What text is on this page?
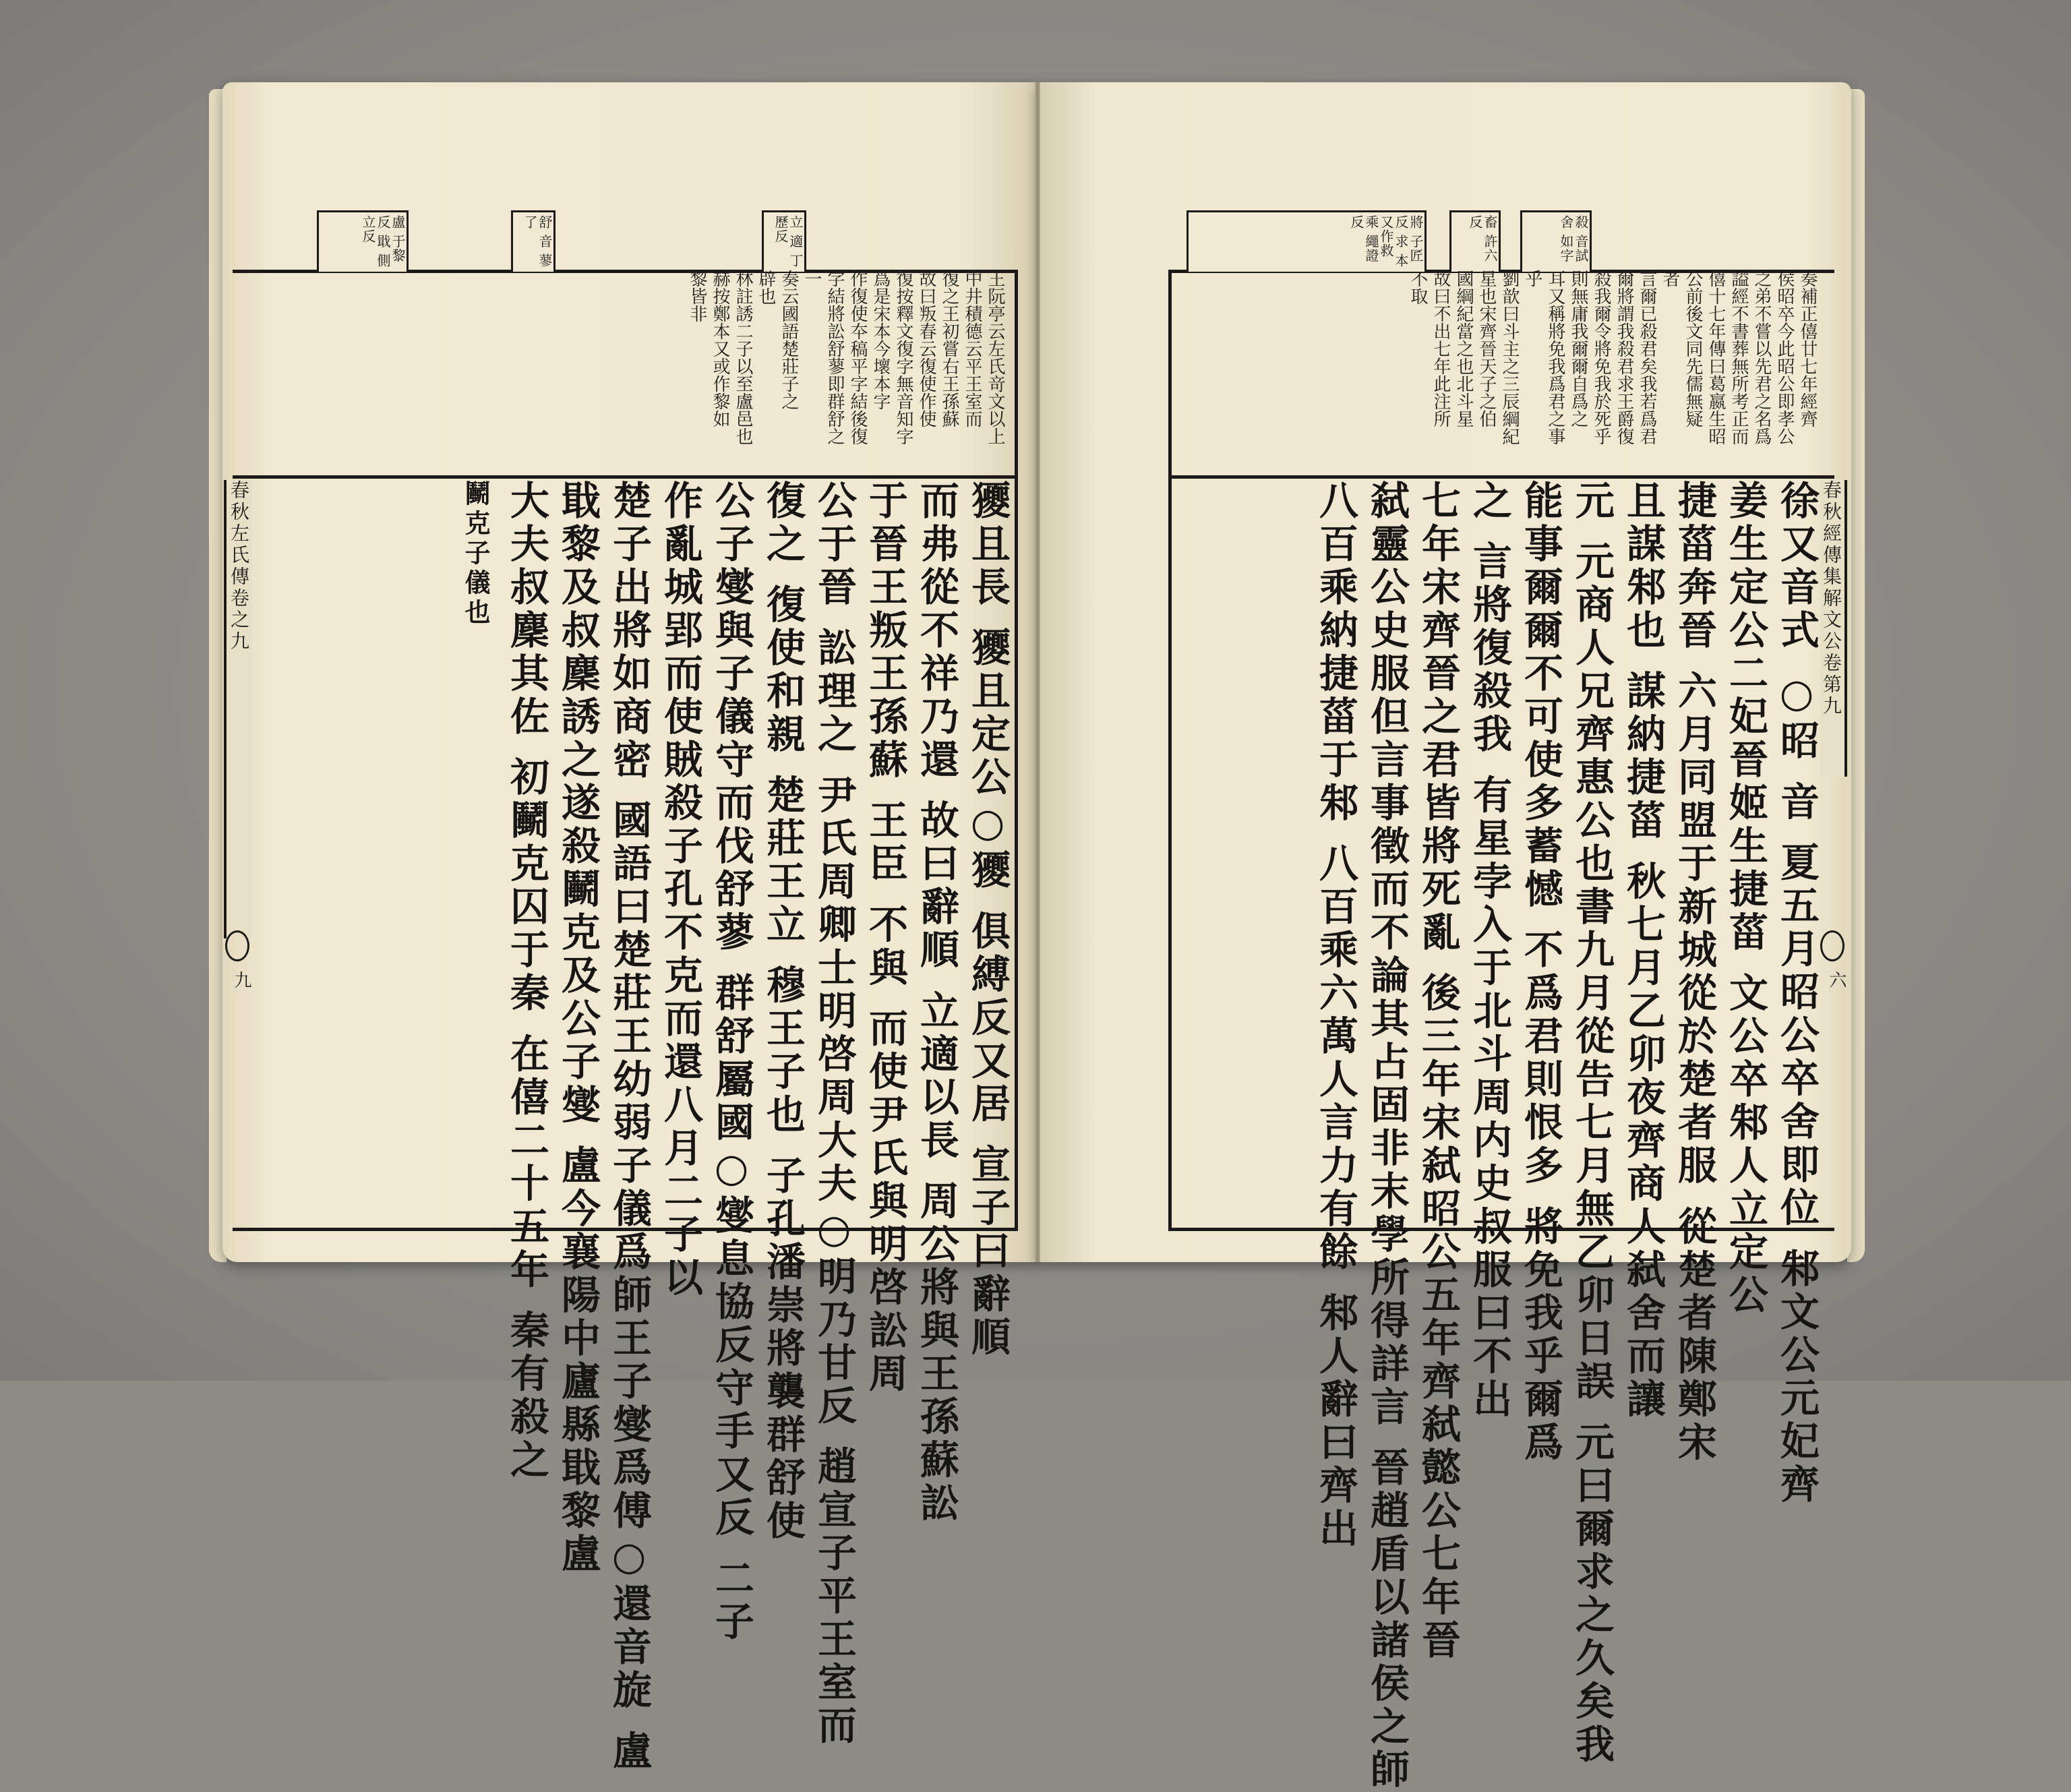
盧 于黎反 戢 側立反	舒 音 蓼 了	立 適 丁 歷反	殺 音試 舍 如字
畜 許六反
將 子匠反 求 本又作救 乘 繩證反
王阮亭云左氏竒文以上
中井積德云平王室而
復之王初嘗右王孫蘇
故曰叛春云復使作使
復按釋文復字無音知字
爲是宋本今壞本字
作復使夲稿平字結後復
字結將訟舒蓼即群舒之
一
奏云國語楚莊子之
辟也
林註誘二子以至盧邑也
赫按鄭本又或作黎如
黎皆非	奏補正僖廿七年經齊
侯昭卒今此昭公即孝公
之弟不嘗以先君之名爲
謚經不書葬無所考正而
僖十七年傳曰葛嬴生昭
公前後文同先儒無疑
者
言爾已殺君矣我若爲君
爾將謂我殺君求王爵復
殺我爾令將免我於死乎
則無庸我爾爾自爲之
耳又稱將免我爲君之事
乎
劉歆曰斗主之三辰綱紀
星也宋齊晉天子之伯
國綱紀當之也北斗星
故曰不出七年此注所
不取
獿且長 獿且定公○獿 俱縛反又居 宣子曰辭順
而弗從不祥乃還 故曰辭順 立適以長 周公將與王孫蘇訟
于晉王叛王孫蘇 王臣 不與 而使尹氏與明啓訟周
公于晉 訟理之 尹氏周卿士明啓周大夫○明乃甘反 趙宣子平王室而
復之 復使和親 楚莊王立 穆王子也 子孔潘崇將襲群舒使
公子燮與子儀守而伐舒蓼 群舒屬國○燮息協反守手又反 二子
作亂城郢而使賊殺子孔不克而還八月二子以
楚子出將如商密 國語曰楚莊王幼弱子儀爲師王子燮爲傅○還音旋 盧
戢黎及叔麇誘之遂殺鬭克及公子燮 盧今襄陽中廬縣戢黎盧
大夫叔麇其佐 初鬭克囚于秦 在僖二十五年 秦有殺之
鬭克子儀也	徐又音式 ○昭 音 夏五月昭公卒舍即位 邾文公元妃齊
姜生定公二妃晉姬生捷菑 文公卒邾人立定公
捷菑奔晉 六月同盟于新城從於楚者服 從楚者陳鄭宋
且謀邾也 謀納捷菑 秋七月乙卯夜齊商人弑舍而讓
元 元商人兄齊惠公也書九月從告七月無乙卯日誤 元曰爾求之久矣我
能事爾爾不可使多蓄憾 不爲君則恨多 將免我乎爾爲
之 言將復殺我 有星孛入于北斗周内史叔服曰不出
七年宋齊晉之君皆將死亂 後三年宋弑昭公五年齊弑懿公七年晉
弑靈公史服但言事徵而不論其占固非末學所得詳言 晉趙盾以諸侯之師
八百乘納捷菑于邾 八百乘六萬人言力有餘 邾人辭曰齊出
春秋左氏傳卷之九	春秋經傳集解文公卷第九
九	六
